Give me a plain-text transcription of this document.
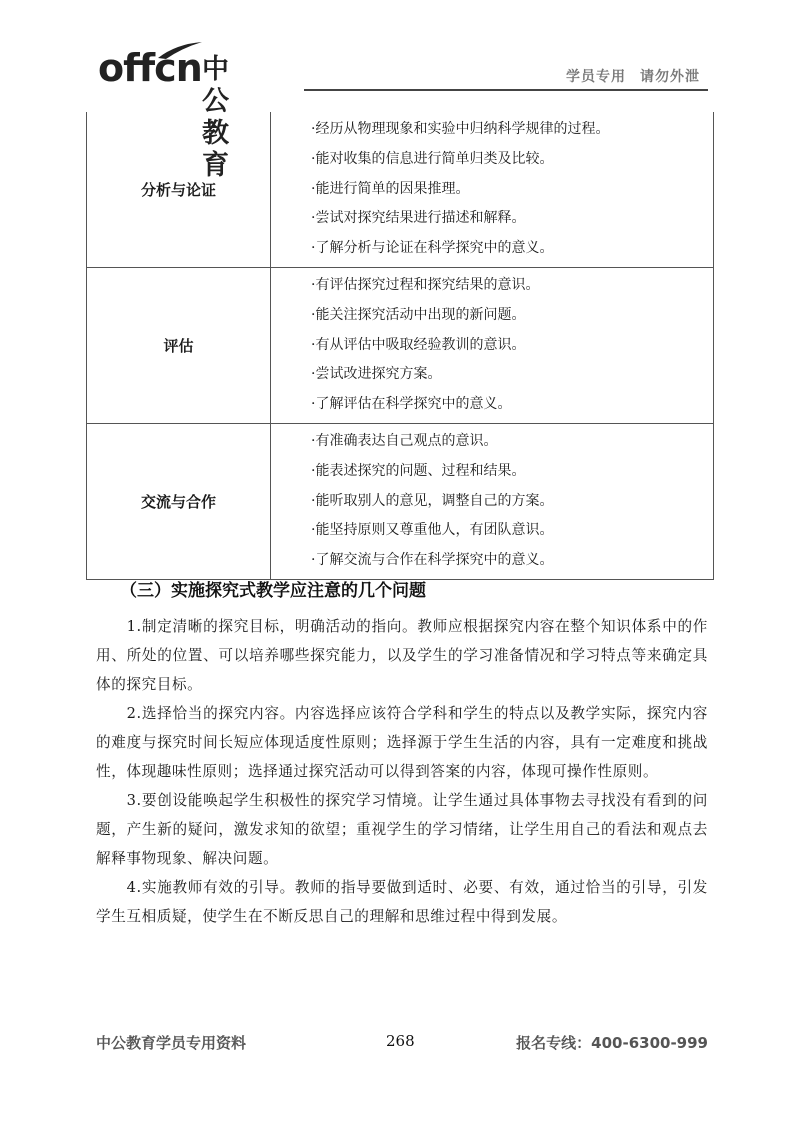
offcn 中公教育
学员专用 请勿外泄
分析与论证	·经历从物理现象和实验中归纳科学规律的过程。
·能对收集的信息进行简单归类及比较。
·能进行简单的因果推理。
·尝试对探究结果进行描述和解释。
·了解分析与论证在科学探究中的意义。

评估	·有评估探究过程和探究结果的意识。
·能关注探究活动中出现的新问题。
·有从评估中吸取经验教训的意识。
·尝试改进探究方案。
·了解评估在科学探究中的意义。

交流与合作	·有准确表达自己观点的意识。
·能表述探究的问题、过程和结果。
·能听取别人的意见，调整自己的方案。
·能坚持原则又尊重他人，有团队意识。
·了解交流与合作在科学探究中的意义。
（三）实施探究式教学应注意的几个问题

1.制定清晰的探究目标，明确活动的指向。教师应根据探究内容在整个知识体系中的作用、所处的位置、可以培养哪些探究能力，以及学生的学习准备情况和学习特点等来确定具体的探究目标。

2.选择恰当的探究内容。内容选择应该符合学科和学生的特点以及教学实际，探究内容的难度与探究时间长短应体现适度性原则；选择源于学生生活的内容，具有一定难度和挑战性，体现趣味性原则；选择通过探究活动可以得到答案的内容，体现可操作性原则。

3.要创设能唤起学生积极性的探究学习情境。让学生通过具体事物去寻找没有看到的问题，产生新的疑问，激发求知的欲望；重视学生的学习情绪，让学生用自己的看法和观点去解释事物现象、解决问题。

4.实施教师有效的引导。教师的指导要做到适时、必要、有效，通过恰当的引导，引发学生互相质疑，使学生在不断反思自己的理解和思维过程中得到发展。

中公教育学员专用资料	268	报名专线：400-6300-999
